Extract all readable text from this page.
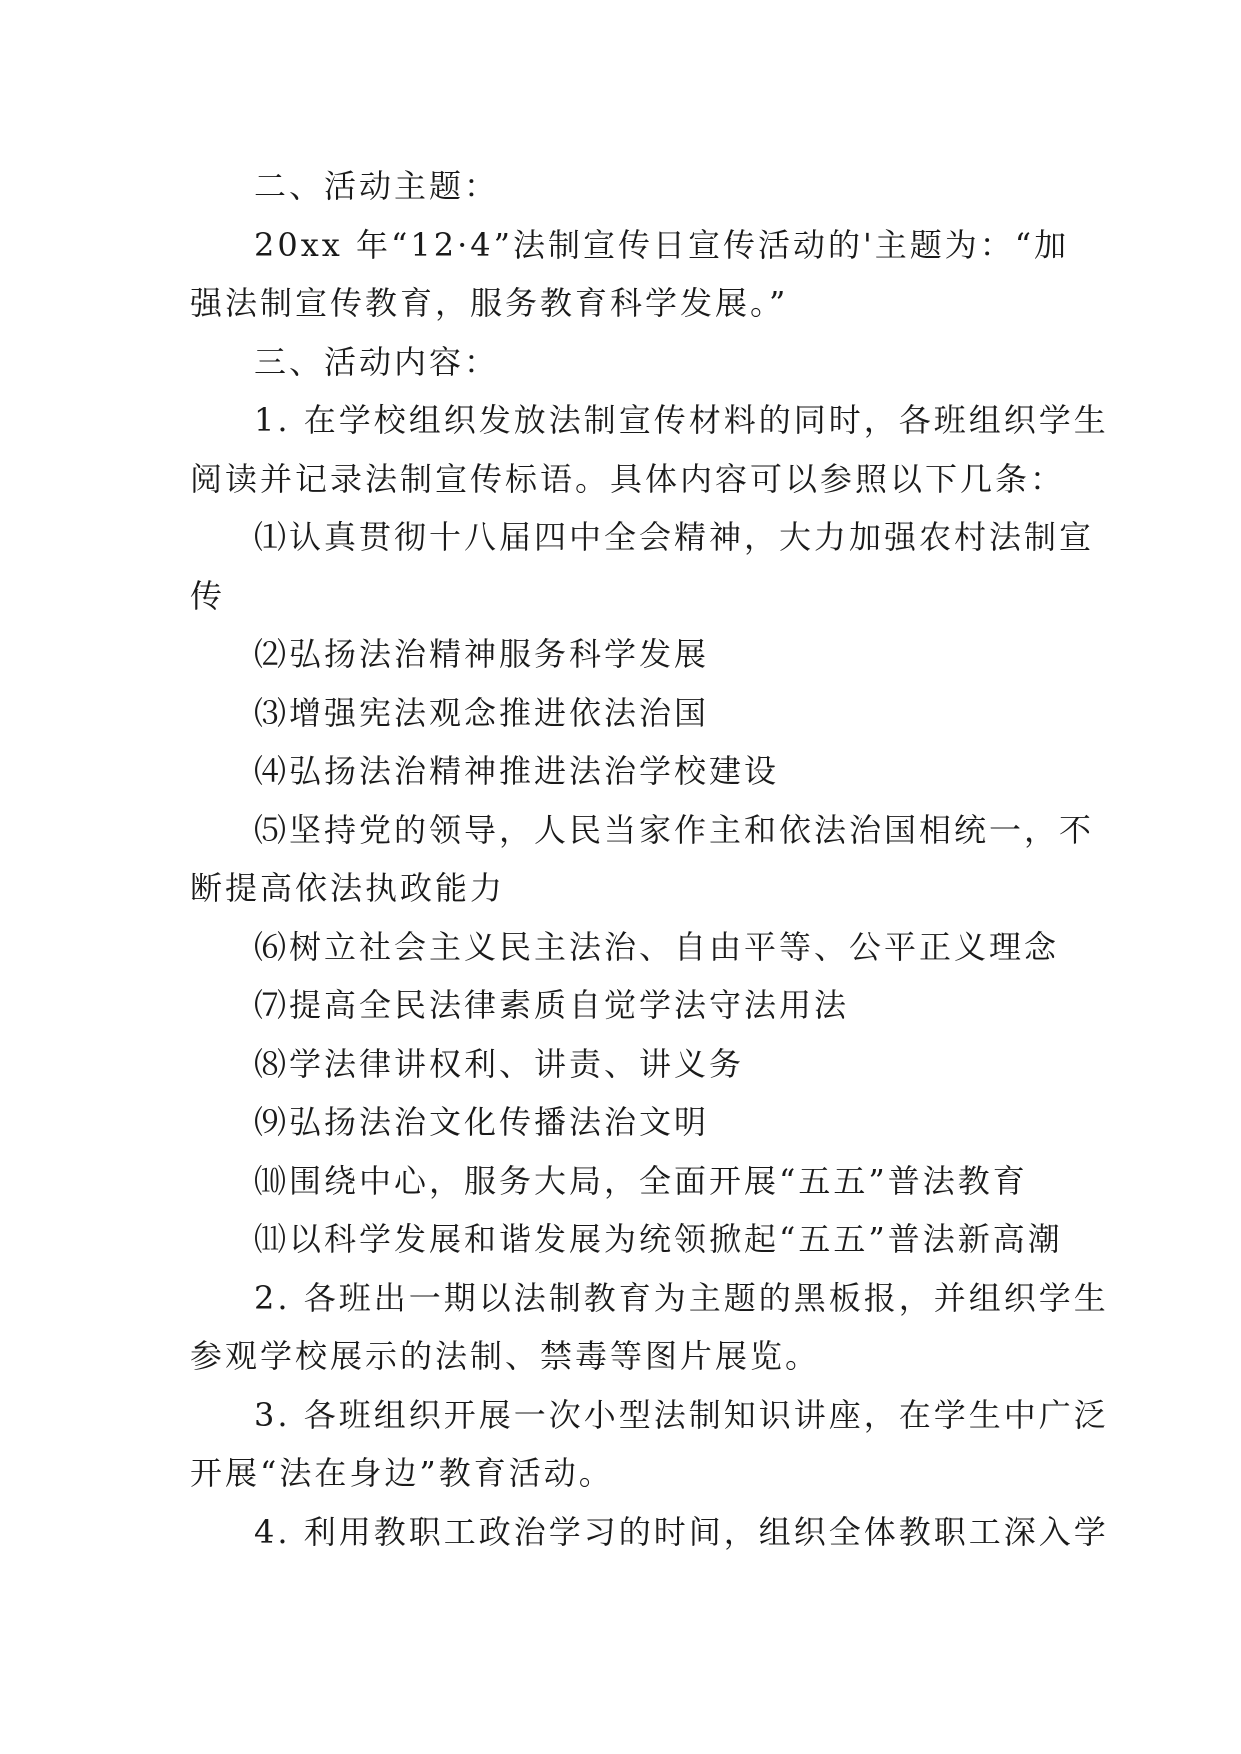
二、活动主题：
20xx 年“12·4”法制宣传日宣传活动的'主题为：“加
强法制宣传教育，服务教育科学发展。”
三、活动内容：
1. 在学校组织发放法制宣传材料的同时，各班组织学生
阅读并记录法制宣传标语。具体内容可以参照以下几条：
⑴认真贯彻十八届四中全会精神，大力加强农村法制宣
传
⑵弘扬法治精神服务科学发展
⑶增强宪法观念推进依法治国
⑷弘扬法治精神推进法治学校建设
⑸坚持党的领导，人民当家作主和依法治国相统一，不
断提高依法执政能力
⑹树立社会主义民主法治、自由平等、公平正义理念
⑺提高全民法律素质自觉学法守法用法
⑻学法律讲权利、讲责、讲义务
⑼弘扬法治文化传播法治文明
⑽围绕中心，服务大局，全面开展“五五”普法教育
⑾以科学发展和谐发展为统领掀起“五五”普法新高潮
2. 各班出一期以法制教育为主题的黑板报，并组织学生
参观学校展示的法制、禁毒等图片展览。
3. 各班组织开展一次小型法制知识讲座，在学生中广泛
开展“法在身边”教育活动。
4. 利用教职工政治学习的时间，组织全体教职工深入学
